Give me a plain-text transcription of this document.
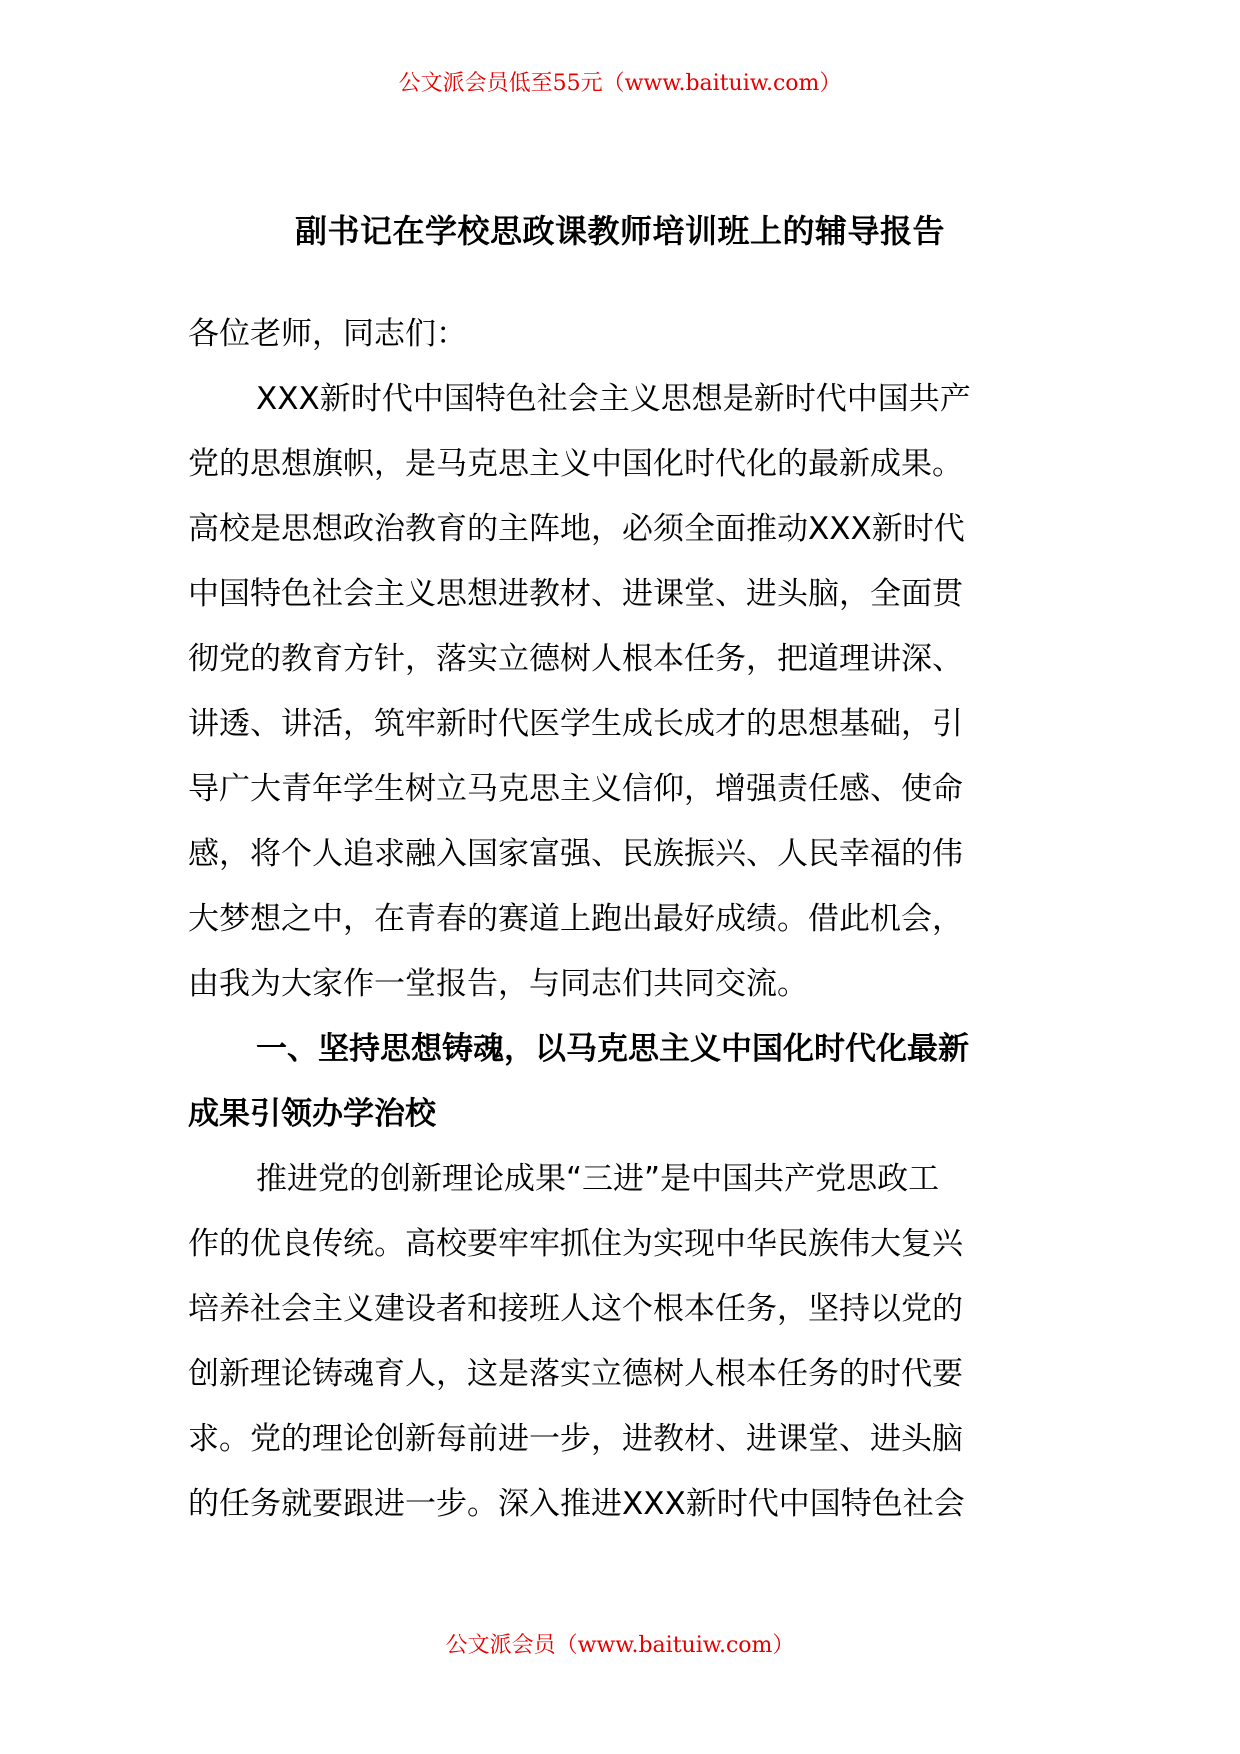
公文派会员低至55元（www.baituiw.com）
副书记在学校思政课教师培训班上的辅导报告
各位老师，同志们：
XXX新时代中国特色社会主义思想是新时代中国共产
党的思想旗帜，是马克思主义中国化时代化的最新成果。
高校是思想政治教育的主阵地，必须全面推动XXX新时代
中国特色社会主义思想进教材、进课堂、进头脑，全面贯
彻党的教育方针，落实立德树人根本任务，把道理讲深、
讲透、讲活，筑牢新时代医学生成长成才的思想基础，引
导广大青年学生树立马克思主义信仰，增强责任感、使命
感，将个人追求融入国家富强、民族振兴、人民幸福的伟
大梦想之中，在青春的赛道上跑出最好成绩。借此机会，
由我为大家作一堂报告，与同志们共同交流。
一、坚持思想铸魂，以马克思主义中国化时代化最新
成果引领办学治校
推进党的创新理论成果“三进”是中国共产党思政工
作的优良传统。高校要牢牢抓住为实现中华民族伟大复兴
培养社会主义建设者和接班人这个根本任务，坚持以党的
创新理论铸魂育人，这是落实立德树人根本任务的时代要
求。党的理论创新每前进一步，进教材、进课堂、进头脑
的任务就要跟进一步。深入推进XXX新时代中国特色社会
公文派会员（www.baituiw.com）
